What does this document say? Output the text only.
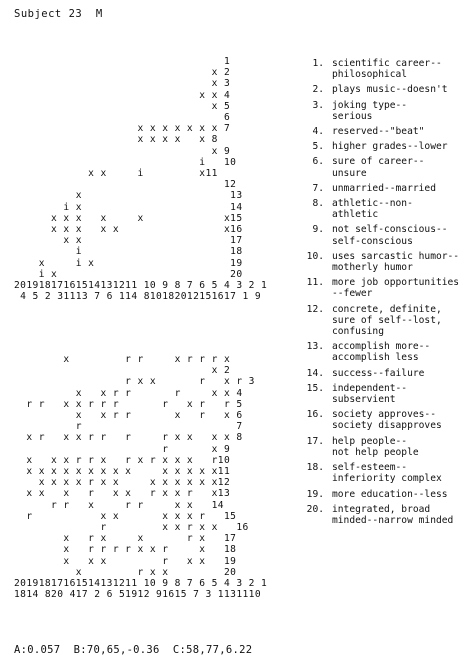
Subject 23  M
1
x 2
x 3
x x 4
x 5
6
x x x x x x x 7
x x x x   x 8
x 9
i   10
x x     i         x11
12
x                        13
i x                        14
x x x   x     x             x15
x x x   x x                 x16
x x                        17
i                        18
x     i x                      19
i x                            20
20191817161514131211 10 9 8 7 6 5 4 3 2 1
4 5 2 31113 7 6 114 810182012151617 1 9
x         r r     x r r r x
x 2
r x x       r   x r 3
x   x r r       r     x x 4
r r   x x r r r       r   x r   r 5
x   x r r       x   r   x 6
r                         7
x r   x x r r   r     r x x   x x 8
r       x 9
x   x x r r x   r x r x x x   r10
x x x x x x x x x     x x x x x11
x x x x r x x     x x x x x x12
x x   x   r   x x   r x x r   x13
r r   x     r r     x x   14
r           x x       x x x r   15
r         x x r x x   16
x   r x     x       r x   17
x   r r r r x x r     x   18
x   x x         r   x x   19
x         r x x         20
20191817161514131211 10 9 8 7 6 5 4 3 2 1
1814 820 417 2 6 51912 91615 7 3 1131110
1. scientific career--
philosophical
2. plays music--doesn't
3. joking type--
serious
4. reserved--"beat"
5. higher grades--lower
6. sure of career--
unsure
7. unmarried--married
8. athletic--non-
athletic
9. not self-conscious--
self-conscious
10. uses sarcastic humor--
motherly humor
11. more job opportunities
--fewer
12. concrete, definite,
sure of self--lost,
confusing
13. accomplish more--
accomplish less
14. success--failure
15. independent--
subservient
16. society approves--
society disapproves
17. help people--
not help people
18. self-esteem--
inferiority complex
19. more education--less
20. integrated, broad
minded--narrow minded
A:0.057  B:70,65,-0.36  C:58,77,6.22
